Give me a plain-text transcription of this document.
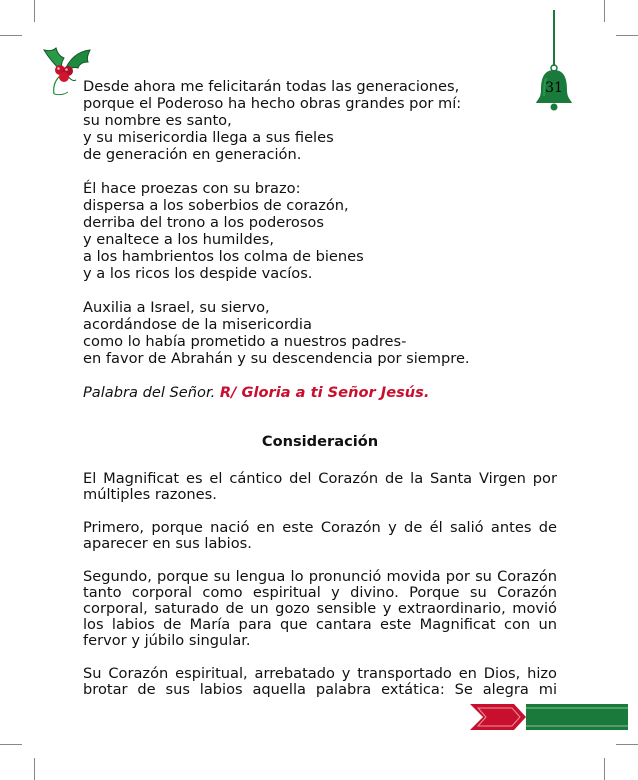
31
Desde ahora me felicitarán todas las generaciones,
porque el Poderoso ha hecho obras grandes por mí:
su nombre es santo,
y su misericordia llega a sus fieles
de generación en generación.
Él hace proezas con su brazo:
dispersa a los soberbios de corazón,
derriba del trono a los poderosos
y enaltece a los humildes,
a los hambrientos los colma de bienes
y a los ricos los despide vacíos.
Auxilia a Israel, su siervo,
acordándose de la misericordia
como lo había prometido a nuestros padres-
en favor de Abrahán y su descendencia por siempre.
Palabra del Señor. R/ Gloria a ti Señor Jesús.
Consideración

El Magnificat es el cántico del Corazón de la Santa Virgen por múltiples razones.

Primero, porque nació en este Corazón y de él salió antes de aparecer en sus labios.

Segundo, porque su lengua lo pronunció movida por su Corazón tanto corporal como espiritual y divino. Porque su Corazón corporal, saturado de un gozo sensible y extraordinario, movió los labios de María para que cantara este Magnificat con un fervor y júbilo singular.

Su Corazón espiritual, arrebatado y transportado en Dios, hizo brotar de sus labios aquella palabra extática: Se alegra mi
